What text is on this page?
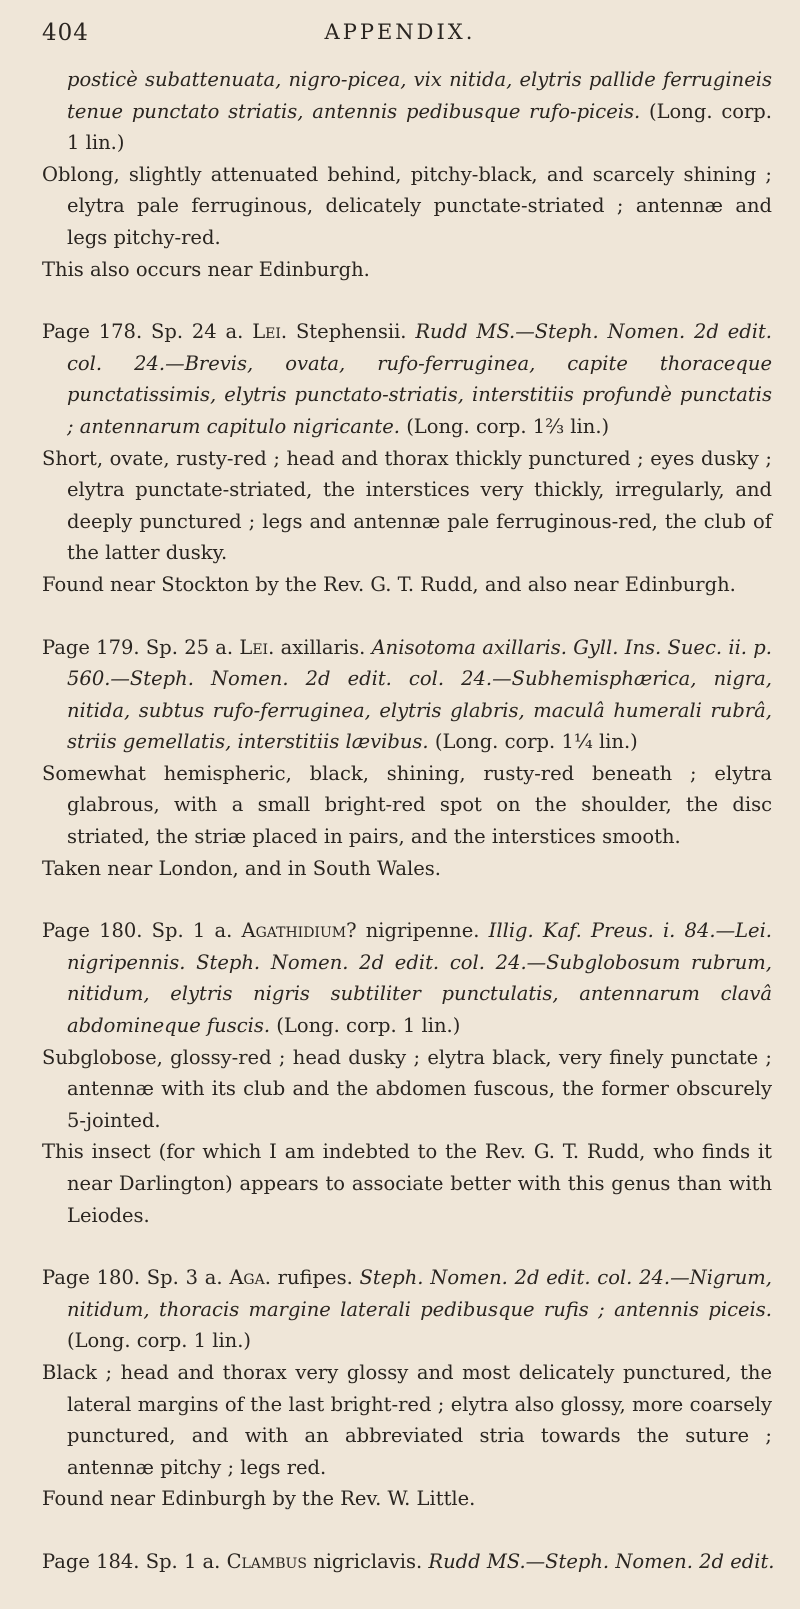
404	APPENDIX.

posticè subattenuata, nigro-picea, vix nitida, elytris pallide ferrugineis tenue punctato striatis, antennis pedibusque rufo-piceis. (Long. corp. 1 lin.)

Oblong, slightly attenuated behind, pitchy-black, and scarcely shining ; elytra pale ferruginous, delicately punctate-striated ; antennæ and legs pitchy-red.

This also occurs near Edinburgh.

Page 178. Sp. 24 a. Lei. Stephensii. Rudd MS.—Steph. Nomen. 2d edit. col. 24.—Brevis, ovata, rufo-ferruginea, capite thoraceque punctatissimis, elytris punctato-striatis, interstitiis profundè punctatis ; antennarum capitulo nigricante. (Long. corp. 1⅔ lin.)

Short, ovate, rusty-red ; head and thorax thickly punctured ; eyes dusky ; elytra punctate-striated, the interstices very thickly, irregularly, and deeply punctured ; legs and antennæ pale ferruginous-red, the club of the latter dusky.

Found near Stockton by the Rev. G. T. Rudd, and also near Edinburgh.

Page 179. Sp. 25 a. Lei. axillaris. Anisotoma axillaris. Gyll. Ins. Suec. ii. p. 560.—Steph. Nomen. 2d edit. col. 24.—Subhemisphærica, nigra, nitida, subtus rufo-ferruginea, elytris glabris, maculâ humerali rubrâ, striis gemellatis, interstitiis lævibus. (Long. corp. 1¼ lin.)

Somewhat hemispheric, black, shining, rusty-red beneath ; elytra glabrous, with a small bright-red spot on the shoulder, the disc striated, the striæ placed in pairs, and the interstices smooth.

Taken near London, and in South Wales.

Page 180. Sp. 1 a. Agathidium? nigripenne. Illig. Kaf. Preus. i. 84.—Lei. nigripennis. Steph. Nomen. 2d edit. col. 24.—Subglobosum rubrum, nitidum, elytris nigris subtiliter punctulatis, antennarum clavâ abdomineque fuscis. (Long. corp. 1 lin.)

Subglobose, glossy-red ; head dusky ; elytra black, very finely punctate ; antennæ with its club and the abdomen fuscous, the former obscurely 5-jointed.

This insect (for which I am indebted to the Rev. G. T. Rudd, who finds it near Darlington) appears to associate better with this genus than with Leiodes.

Page 180. Sp. 3 a. Aga. rufipes. Steph. Nomen. 2d edit. col. 24.—Nigrum, nitidum, thoracis margine laterali pedibusque rufis ; antennis piceis. (Long. corp. 1 lin.)

Black ; head and thorax very glossy and most delicately punctured, the lateral margins of the last bright-red ; elytra also glossy, more coarsely punctured, and with an abbreviated stria towards the suture ; antennæ pitchy ; legs red.

Found near Edinburgh by the Rev. W. Little.

Page 184. Sp. 1 a. Clambus nigriclavis. Rudd MS.—Steph. Nomen. 2d edit.
